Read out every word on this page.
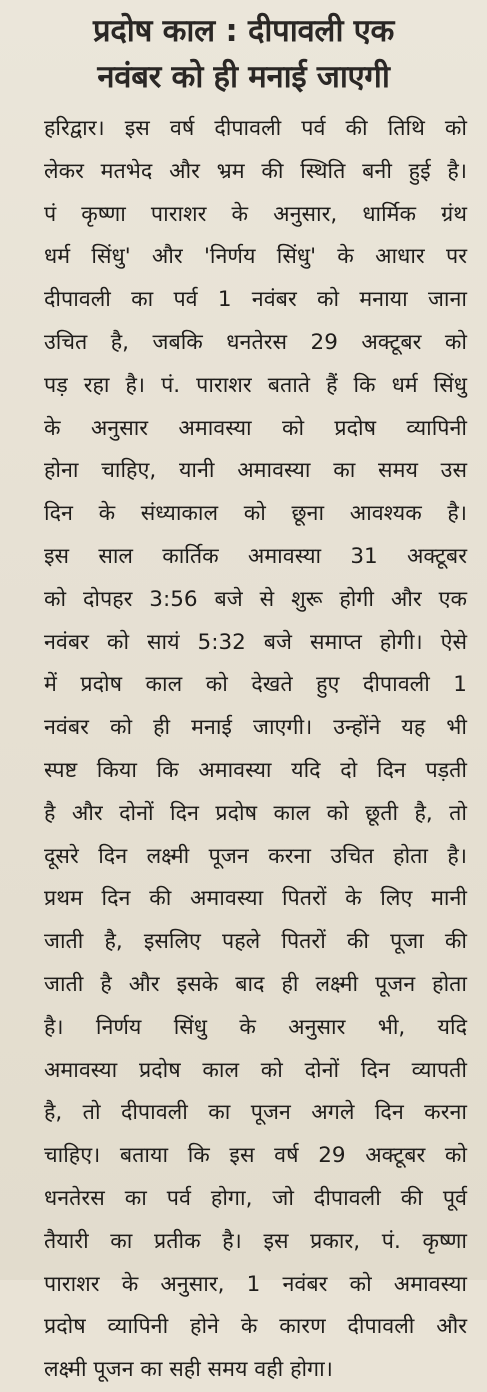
प्रदोष काल : दीपावली एक
नवंबर को ही मनाई जाएगी
हरिद्वार। इस वर्ष दीपावली पर्व की तिथि को
लेकर मतभेद और भ्रम की स्थिति बनी हुई है।
पं कृष्णा पाराशर के अनुसार, धार्मिक ग्रंथ
धर्म सिंधु' और 'निर्णय सिंधु' के आधार पर
दीपावली का पर्व 1 नवंबर को मनाया जाना
उचित है, जबकि धनतेरस 29 अक्टूबर को
पड़ रहा है। पं. पाराशर बताते हैं कि धर्म सिंधु
के अनुसार अमावस्या को प्रदोष व्यापिनी
होना चाहिए, यानी अमावस्या का समय उस
दिन के संध्याकाल को छूना आवश्यक है।
इस साल कार्तिक अमावस्या 31 अक्टूबर
को दोपहर 3:56 बजे से शुरू होगी और एक
नवंबर को सायं 5:32 बजे समाप्त होगी। ऐसे
में प्रदोष काल को देखते हुए दीपावली 1
नवंबर को ही मनाई जाएगी। उन्होंने यह भी
स्पष्ट किया कि अमावस्या यदि दो दिन पड़ती
है और दोनों दिन प्रदोष काल को छूती है, तो
दूसरे दिन लक्ष्मी पूजन करना उचित होता है।
प्रथम दिन की अमावस्या पितरों के लिए मानी
जाती है, इसलिए पहले पितरों की पूजा की
जाती है और इसके बाद ही लक्ष्मी पूजन होता
है। निर्णय सिंधु के अनुसार भी, यदि
अमावस्या प्रदोष काल को दोनों दिन व्यापती
है, तो दीपावली का पूजन अगले दिन करना
चाहिए। बताया कि इस वर्ष 29 अक्टूबर को
धनतेरस का पर्व होगा, जो दीपावली की पूर्व
तैयारी का प्रतीक है। इस प्रकार, पं. कृष्णा
पाराशर के अनुसार, 1 नवंबर को अमावस्या
प्रदोष व्यापिनी होने के कारण दीपावली और
लक्ष्मी पूजन का सही समय वही होगा।
